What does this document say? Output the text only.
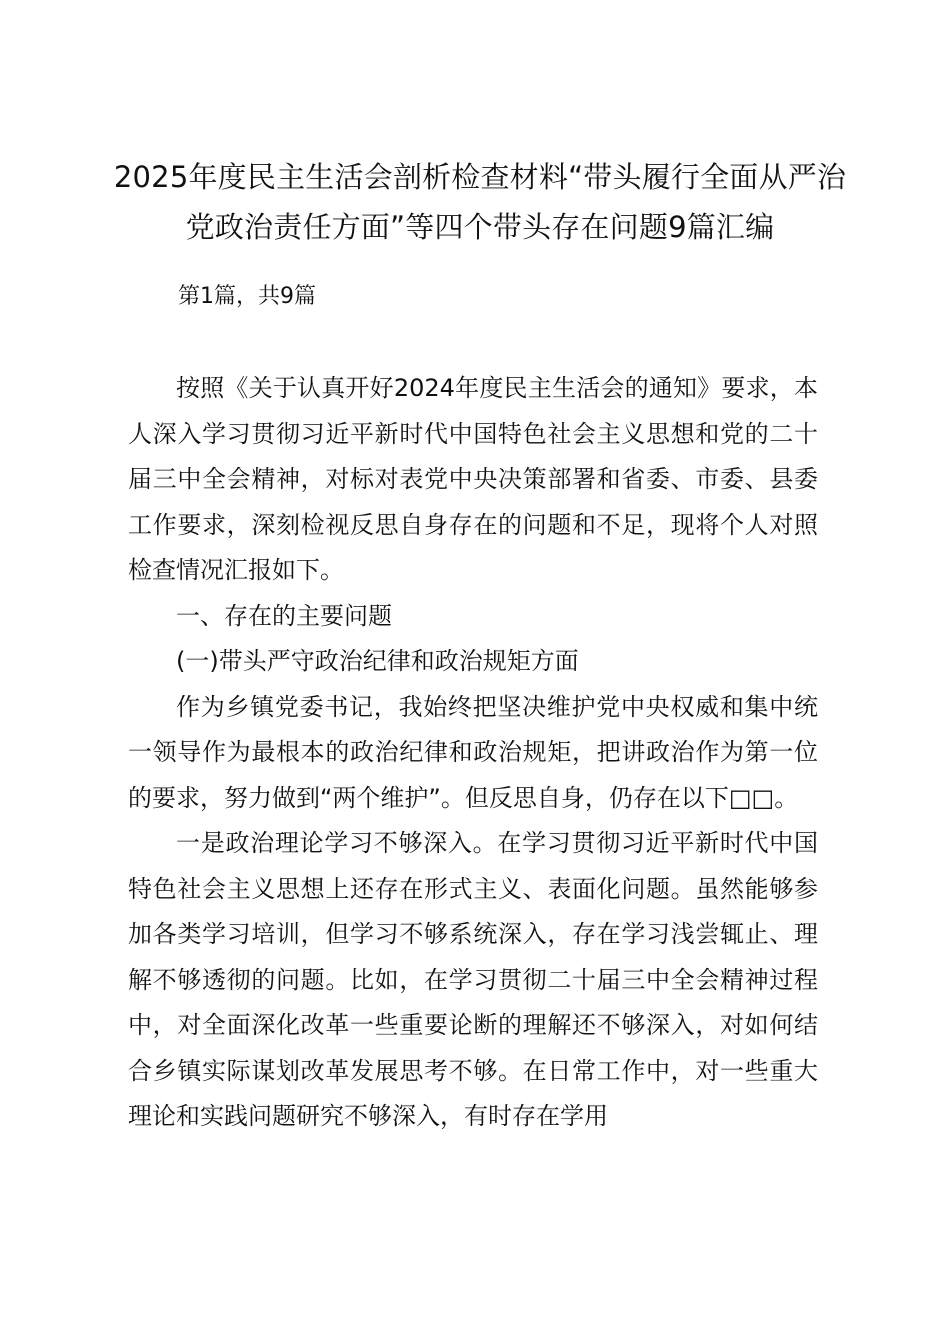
2025年度民主生活会剖析检查材料“带头履行全面从严治党政治责任方面”等四个带头存在问题9篇汇编
第1篇，共9篇

按照《关于认真开好2024年度民主生活会的通知》要求，本人深入学习贯彻习近平新时代中国特色社会主义思想和党的二十届三中全会精神，对标对表党中央决策部署和省委、市委、县委工作要求，深刻检视反思自身存在的问题和不足，现将个人对照检查情况汇报如下。

一、存在的主要问题

(一)带头严守政治纪律和政治规矩方面

作为乡镇党委书记，我始终把坚决维护党中央权威和集中统一领导作为最根本的政治纪律和政治规矩，把讲政治作为第一位的要求，努力做到“两个维护”。但反思自身，仍存在以下□□。

一是政治理论学习不够深入。在学习贯彻习近平新时代中国特色社会主义思想上还存在形式主义、表面化问题。虽然能够参加各类学习培训，但学习不够系统深入，存在学习浅尝辄止、理解不够透彻的问题。比如，在学习贯彻二十届三中全会精神过程中，对全面深化改革一些重要论断的理解还不够深入，对如何结合乡镇实际谋划改革发展思考不够。在日常工作中，对一些重大理论和实践问题研究不够深入，有时存在学用
